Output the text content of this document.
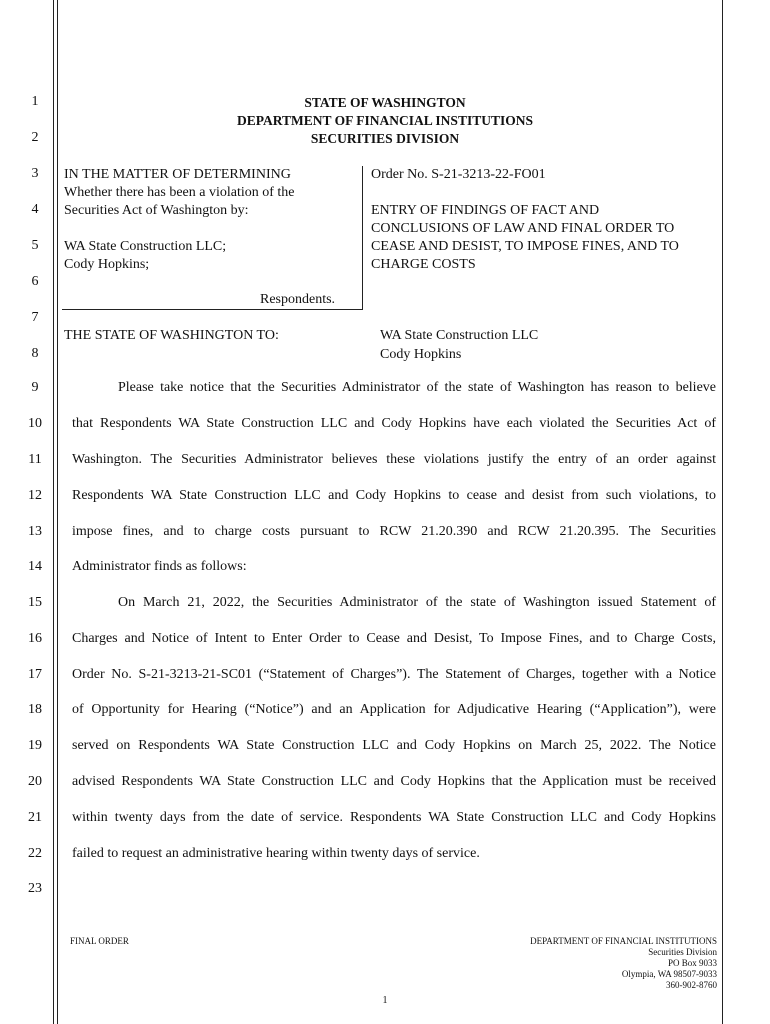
1
2
3
4
5
6
7
8
9
10
11
12
13
14
15
16
17
18
19
20
21
22
23
STATE OF WASHINGTON
DEPARTMENT OF FINANCIAL INSTITUTIONS
SECURITIES DIVISION
IN THE MATTER OF DETERMINING
Whether there has been a violation of the
Securities Act of Washington by:
WA State Construction LLC;
Cody Hopkins;
Respondents.
Order No. S-21-3213-22-FO01
ENTRY OF FINDINGS OF FACT AND
CONCLUSIONS OF LAW AND FINAL ORDER TO
CEASE AND DESIST, TO IMPOSE FINES, AND TO
CHARGE COSTS
THE STATE OF WASHINGTON TO:	WA State Construction LLC
Cody Hopkins
Please take notice that the Securities Administrator of the state of Washington has reason to believe
that Respondents WA State Construction LLC and Cody Hopkins have each violated the Securities Act of
Washington. The Securities Administrator believes these violations justify the entry of an order against
Respondents WA State Construction LLC and Cody Hopkins to cease and desist from such violations, to
impose fines, and to charge costs pursuant to RCW 21.20.390 and RCW 21.20.395. The Securities
Administrator finds as follows:
On March 21, 2022, the Securities Administrator of the state of Washington issued Statement of
Charges and Notice of Intent to Enter Order to Cease and Desist, To Impose Fines, and to Charge Costs,
Order No. S-21-3213-21-SC01 (“Statement of Charges”). The Statement of Charges, together with a Notice
of Opportunity for Hearing (“Notice”) and an Application for Adjudicative Hearing (“Application”), were
served on Respondents WA State Construction LLC and Cody Hopkins on March 25, 2022. The Notice
advised Respondents WA State Construction LLC and Cody Hopkins that the Application must be received
within twenty days from the date of service. Respondents WA State Construction LLC and Cody Hopkins
failed to request an administrative hearing within twenty days of service.
FINAL ORDER	DEPARTMENT OF FINANCIAL INSTITUTIONS
Securities Division
PO Box 9033
Olympia, WA 98507-9033
360-902-8760
1
